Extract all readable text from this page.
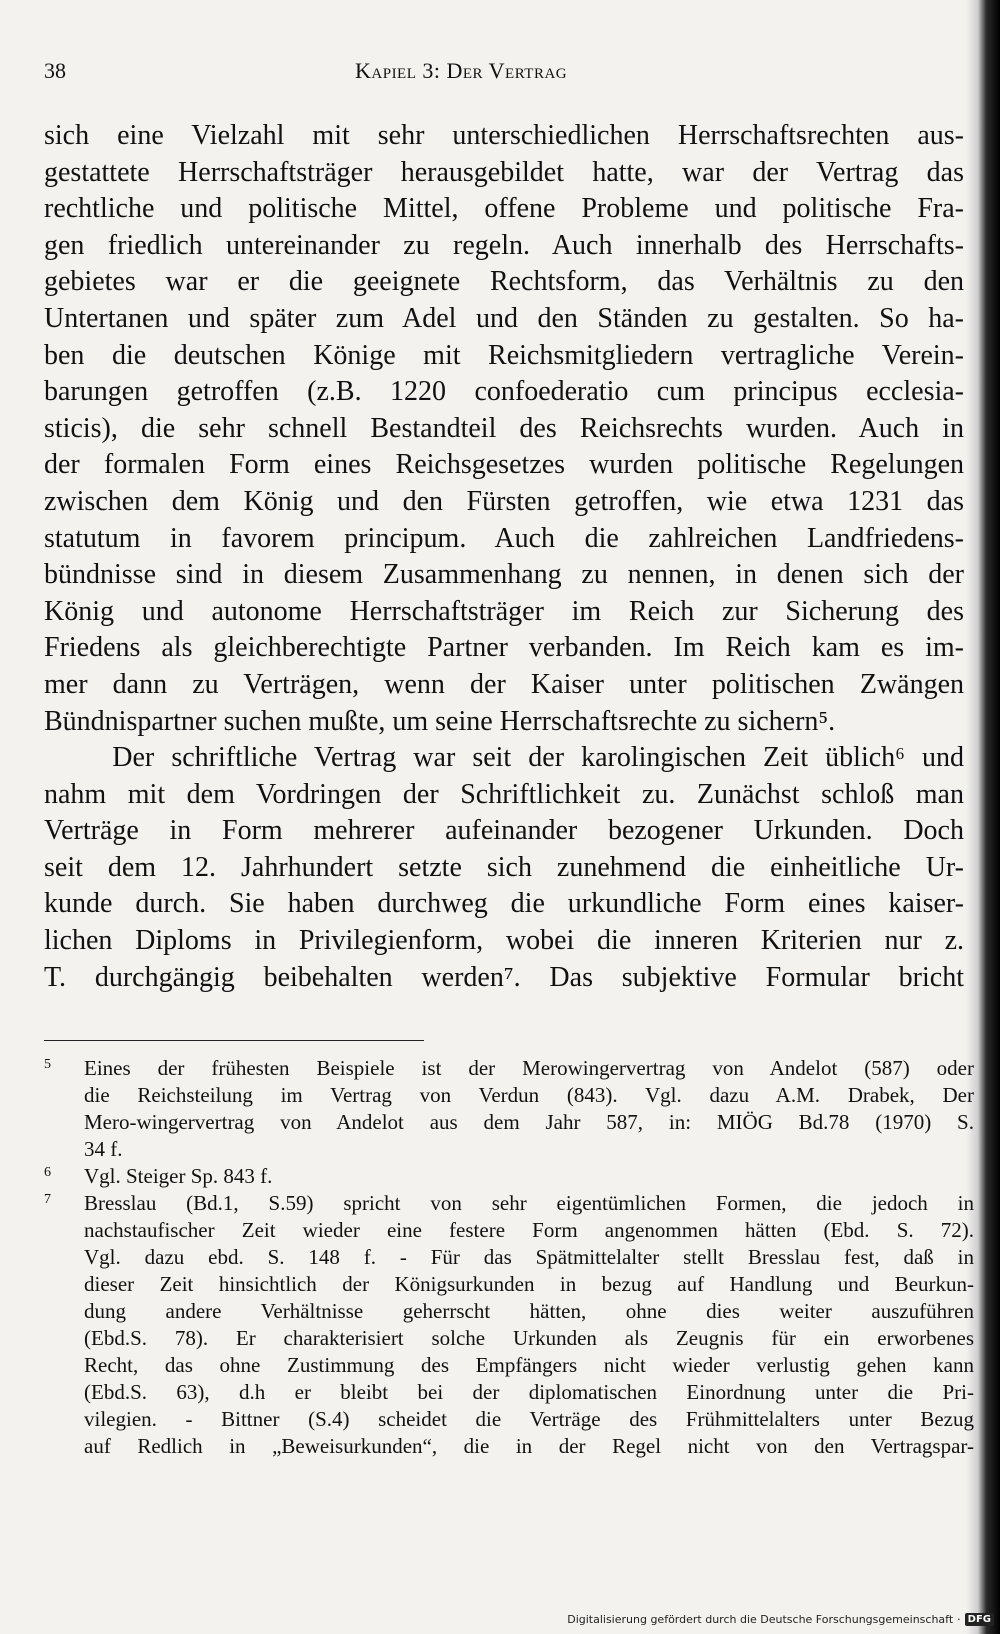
38	Kapiel 3: Der Vertrag
sich eine Vielzahl mit sehr unterschiedlichen Herrschaftsrechten aus-
gestattete Herrschaftsträger herausgebildet hatte, war der Vertrag das
rechtliche und politische Mittel, offene Probleme und politische Fra-
gen friedlich untereinander zu regeln. Auch innerhalb des Herrschafts-
gebietes war er die geeignete Rechtsform, das Verhältnis zu den
Untertanen und später zum Adel und den Ständen zu gestalten. So ha-
ben die deutschen Könige mit Reichsmitgliedern vertragliche Verein-
barungen getroffen (z.B. 1220 confoederatio cum principus ecclesia-
sticis), die sehr schnell Bestandteil des Reichsrechts wurden. Auch in
der formalen Form eines Reichsgesetzes wurden politische Regelungen
zwischen dem König und den Fürsten getroffen, wie etwa 1231 das
statutum in favorem principum. Auch die zahlreichen Landfriedens-
bündnisse sind in diesem Zusammenhang zu nennen, in denen sich der
König und autonome Herrschaftsträger im Reich zur Sicherung des
Friedens als gleichberechtigte Partner verbanden. Im Reich kam es im-
mer dann zu Verträgen, wenn der Kaiser unter politischen Zwängen
Bündnispartner suchen mußte, um seine Herrschaftsrechte zu sichern⁵.
Der schriftliche Vertrag war seit der karolingischen Zeit üblich⁶ und
nahm mit dem Vordringen der Schriftlichkeit zu. Zunächst schloß man
Verträge in Form mehrerer aufeinander bezogener Urkunden. Doch
seit dem 12. Jahrhundert setzte sich zunehmend die einheitliche Ur-
kunde durch. Sie haben durchweg die urkundliche Form eines kaiser-
lichen Diploms in Privilegienform, wobei die inneren Kriterien nur z.
T. durchgängig beibehalten werden⁷. Das subjektive Formular bricht
5 Eines der frühesten Beispiele ist der Merowingervertrag von Andelot (587) oder
die Reichsteilung im Vertrag von Verdun (843). Vgl. dazu A.M. Drabek, Der
Mero-wingervertrag von Andelot aus dem Jahr 587, in: MIÖG Bd.78 (1970) S.
34 f.
6 Vgl. Steiger Sp. 843 f.
7 Bresslau (Bd.1, S.59) spricht von sehr eigentümlichen Formen, die jedoch in
nachstaufischer Zeit wieder eine festere Form angenommen hätten (Ebd. S. 72).
Vgl. dazu ebd. S. 148 f. - Für das Spätmittelalter stellt Bresslau fest, daß in
dieser Zeit hinsichtlich der Königsurkunden in bezug auf Handlung und Beurkun-
dung andere Verhältnisse geherrscht hätten, ohne dies weiter auszuführen
(Ebd.S. 78). Er charakterisiert solche Urkunden als Zeugnis für ein erworbenes
Recht, das ohne Zustimmung des Empfängers nicht wieder verlustig gehen kann
(Ebd.S. 63), d.h er bleibt bei der diplomatischen Einordnung unter die Pri-
vilegien. - Bittner (S.4) scheidet die Verträge des Frühmittelalters unter Bezug
auf Redlich in „Beweisurkunden“, die in der Regel nicht von den Vertragspar-
Digitalisierung gefördert durch die Deutsche Forschungsgemeinschaft · DFG
